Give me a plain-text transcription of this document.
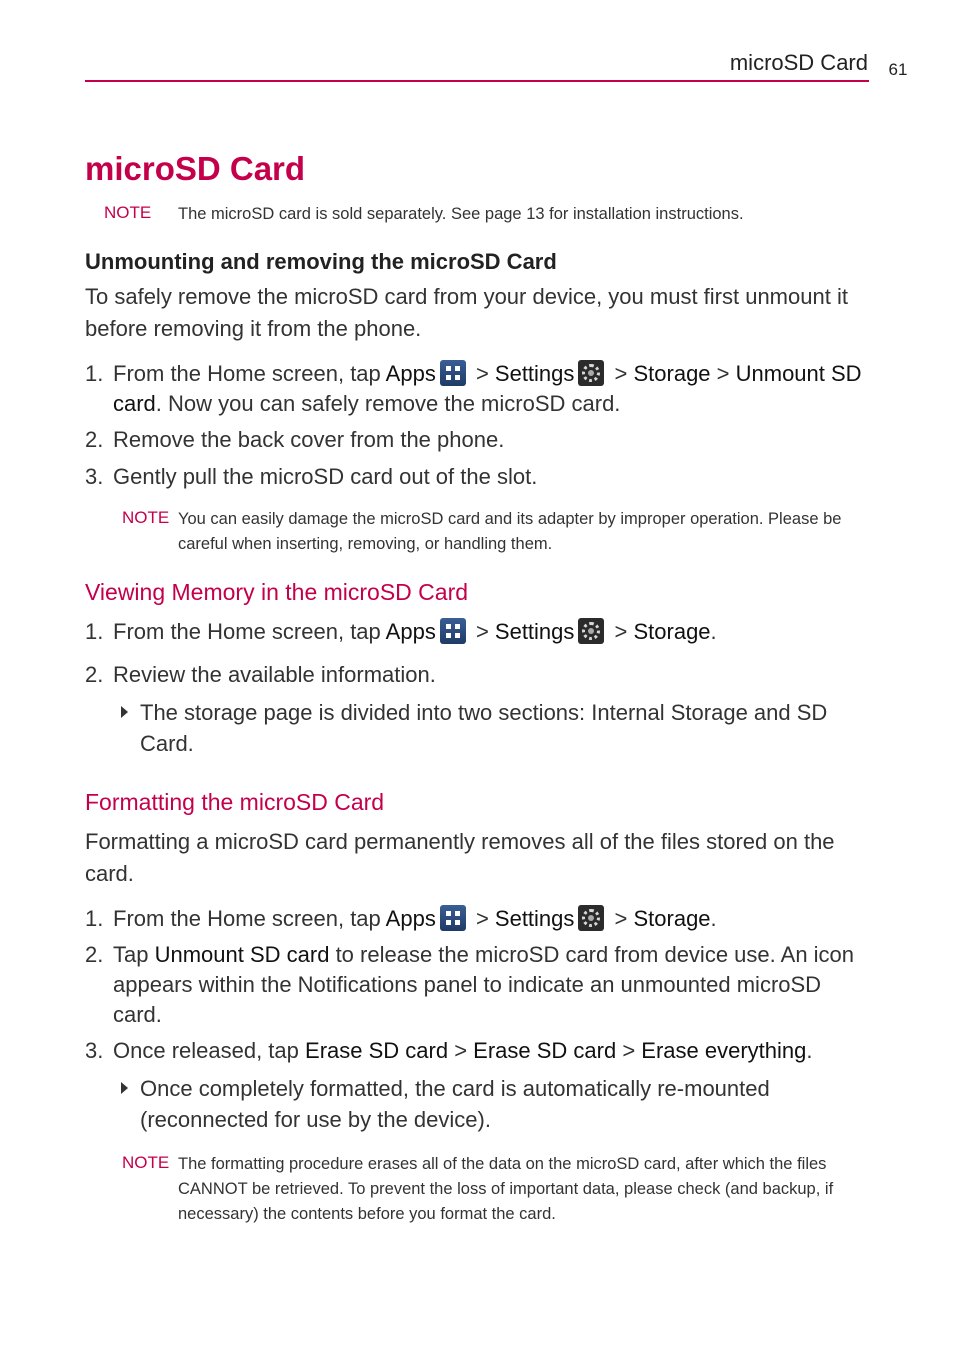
microSD Card	61
microSD Card
NOTE The microSD card is sold separately. See page 13 for installation instructions.
Unmounting and removing the microSD Card
To safely remove the microSD card from your device, you must first unmount it before removing it from the phone.
1. From the Home screen, tap Apps > Settings > Storage > Unmount SD card. Now you can safely remove the microSD card.
2. Remove the back cover from the phone.
3. Gently pull the microSD card out of the slot.
NOTE You can easily damage the microSD card and its adapter by improper operation. Please be careful when inserting, removing, or handling them.
Viewing Memory in the microSD Card
1. From the Home screen, tap Apps > Settings > Storage.
2. Review the available information.
The storage page is divided into two sections: Internal Storage and SD Card.
Formatting the microSD Card
Formatting a microSD card permanently removes all of the files stored on the card.
1. From the Home screen, tap Apps > Settings > Storage.
2. Tap Unmount SD card to release the microSD card from device use. An icon appears within the Notifications panel to indicate an unmounted microSD card.
3. Once released, tap Erase SD card > Erase SD card > Erase everything.
Once completely formatted, the card is automatically re-mounted (reconnected for use by the device).
NOTE The formatting procedure erases all of the data on the microSD card, after which the files CANNOT be retrieved. To prevent the loss of important data, please check (and backup, if necessary) the contents before you format the card.
